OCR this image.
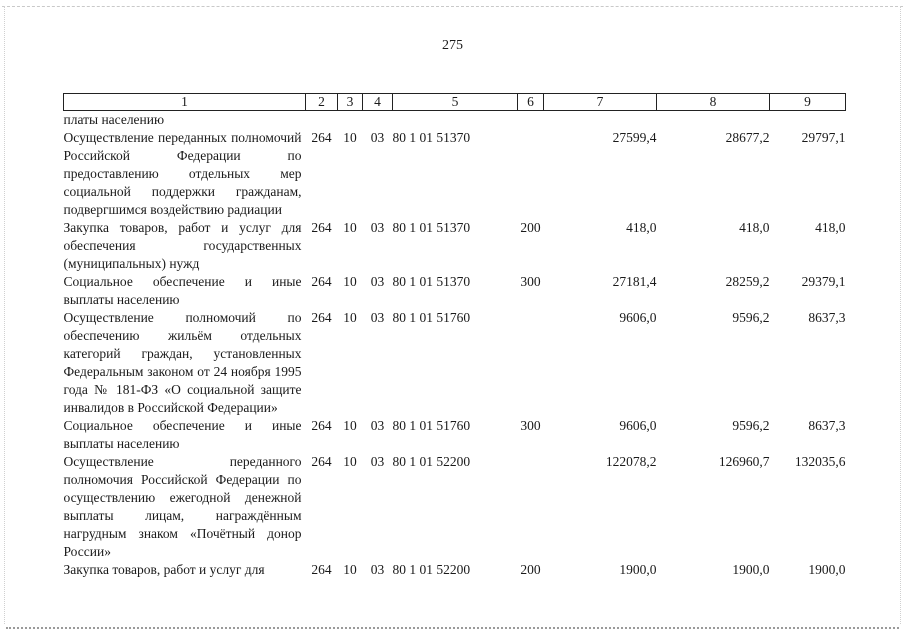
275
1	2	3	4	5	6	7	8	9
платы населению								
Осуществление переданных полномочий Российской Федерации по предоставлению отдельных мер социальной поддержки гражданам, подвергшимся воздействию радиации	264	10	03	80 1 01 51370		27599,4	28677,2	29797,1
Закупка товаров, работ и услуг для обеспечения государственных (муниципальных) нужд	264	10	03	80 1 01 51370	200	418,0	418,0	418,0
Социальное обеспечение и иные выплаты населению	264	10	03	80 1 01 51370	300	27181,4	28259,2	29379,1
Осуществление полномочий по обеспечению жильём отдельных категорий граждан, установленных Федеральным законом от 24 ноября 1995 года № 181-ФЗ «О социальной защите инвалидов в Российской Федерации»	264	10	03	80 1 01 51760		9606,0	9596,2	8637,3
Социальное обеспечение и иные выплаты населению	264	10	03	80 1 01 51760	300	9606,0	9596,2	8637,3
Осуществление переданного полномочия Российской Федерации по осуществлению ежегодной денежной выплаты лицам, награждённым нагрудным знаком «Почётный донор России»	264	10	03	80 1 01 52200		122078,2	126960,7	132035,6
Закупка товаров, работ и услуг для	264	10	03	80 1 01 52200	200	1900,0	1900,0	1900,0
